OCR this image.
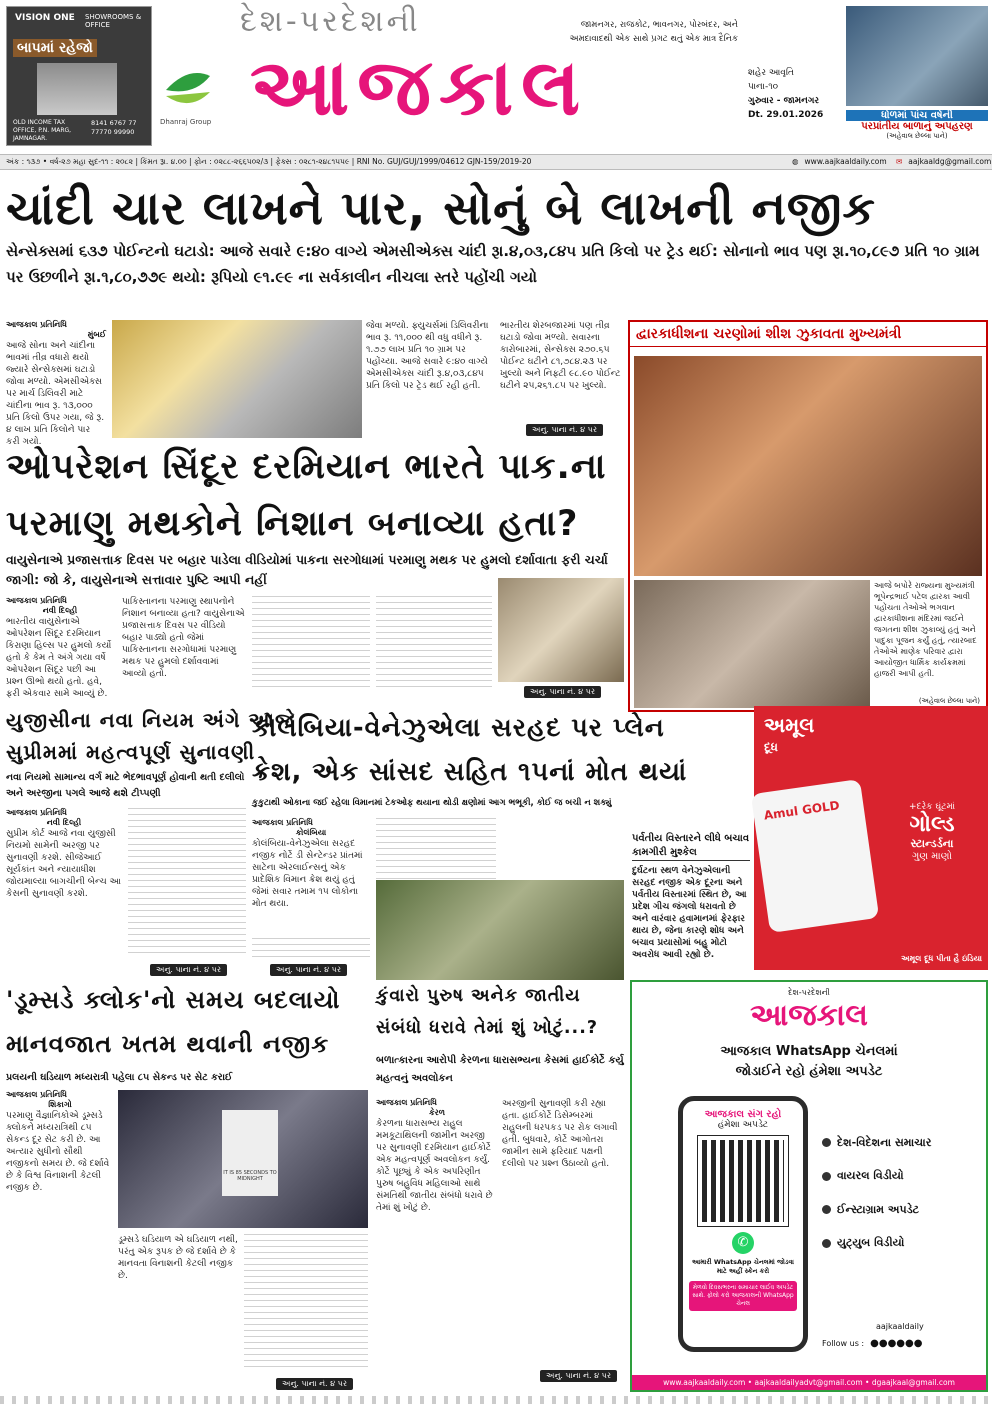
VISION ONE SHOWROOMS & OFFICE
બાપમાં રહેજો
OLD INCOME TAX OFFICE, P.N. MARG, JAMNAGAR.
8141 6767 77 77770 99990
Dhanraj Group
દેશ-પરદેશની
આજકાલ
જામનગર, રાજકોટ, ભાવનગર, પોરબંદર, અને
અમદાવાદથી એક સાથે પ્રગટ થતું એક માત્ર દૈનિક
શહેર આવૃતિ
પાના-૧૦
ગુરુવાર - જામનગર
Dt. 29.01.2026	ધોળમાં પાંચ વર્ષની
પરપ્રાંતીય બાળાનું અપહરણ
(અહેવાલ છેલ્લા પાને)
અંક : ૧૩૭ • વર્ષ-૨૭ મહા સુદ-૧૧ : ૨૦૮૨ | કિંમત રૂા. ૪.૦૦ | ફોન : ૦૨૮૮-૨૬૬૫૦૨/૩ | ફેક્સ : ૦૨૮૧-૨૪૮૧૫૫૯ | RNI No. GUJ/GUJ/1999/04612 GJN-159/2019-20	◍ www.aajkaaldaily.com ✉ aajkaaldg@gmail.com
ચાંદી ચાર લાખને પાર, સોનું બે લાખની નજીક
સેન્સેક્સમાં ૬૩૭ પોઈન્ટનો ઘટાડો: આજે સવારે ૯:૪૦ વાગ્યે એમસીએક્સ ચાંદી રૂા.૪,૦૩,૮૪૫ પ્રતિ કિલો પર ટ્રેડ થઈ: સોનાનો ભાવ પણ રૂા.૧૦,૮૯૭ પ્રતિ ૧૦ ગ્રામ પર ઉછળીને રૂા.૧,૮૦,૭૭૯ થયો: રૂપિયો ૯૧.૯૯ ના સર્વકાલીન નીચલા સ્તરે પહોંચી ગયો
આજકાલ પ્રતિનિધિ
મુંબઈ
આજે સોના અને ચાંદીના ભાવમાં તીવ્ર વધારો થયો જ્યારે સેન્સેક્સમાં ઘટાડો જોવા મળ્યો. એમસીએક્સ પર માર્ચ ડિલિવરી માટે ચાંદીના ભાવ રૂ. ૧૩,૦૦૦ પ્રતિ કિલો ઉપર ગયા, જે રૂ. ૪ લાખ પ્રતિ કિલોને પાર કરી ગયો.
જેવા મળ્યો. ફ્યુચર્સમાં ડિલિવરીના ભાવ રૂ. ૧૧,૦૦૦ થી વધુ વધીને રૂ. ૧.૭૭ લાખ પ્રતિ ૧૦ ગ્રામ પર પહોંચ્યા. આજે સવારે ૯:૪૦ વાગ્યે એમસીએક્સ ચાંદી રૂ.૪,૦૩,૮૪૫ પ્રતિ કિલો પર ટ્રેડ થઈ રહી હતી.
ભારતીય શેરબજારમાં પણ તીવ્ર ઘટાડો જોવા મળ્યો. સવારના કારોબારમાં, સેન્સેક્સ ૨૭૦.૬૫ પોઈન્ટ ઘટીને ૮૧,૭૮૪.૨૩ પર ખુલ્યો અને નિફ્ટી ૯૮.૯૦ પોઈન્ટ ઘટીને ૨૫,૨૬૧.૮૫ પર ખુલ્યો.
અનુ. પાના નં. ૪ પર
દ્વારકાધીશના ચરણોમાં શીશ ઝુકાવતા મુખ્યમંત્રી
આજે બપોરે રાજ્યના મુખ્યમંત્રી ભૂપેન્દ્રભાઈ પટેલ દ્વારકા આવી પહોંચતા તેઓએ ભગવાન દ્વારકાધીશના મંદિરમાં જઈને જગતના શીશ ઝુકાવ્યું હતું અને પાદુકા પૂજન કર્યું હતું, ત્યારબાદ તેઓએ માણેક પરિવાર દ્વારા આયોજીત ધાર્મિક કાર્યક્રમમાં હાજરી આપી હતી.
(અહેવાલ છેલ્લા પાને)
ઓપરેશન સિંદૂર દરમિયાન ભારતે પાક.ના
પરમાણુ મથકોને નિશાન બનાવ્યા હતા?
વાયુસેનાએ પ્રજાસત્તાક દિવસ પર બહાર પાડેલા વીડિયોમાં પાકના સરગોધામાં પરમાણુ મથક પર હુમલો દર્શાવાતા ફરી ચર્ચા જાગી: જો કે, વાયુસેનાએ સત્તાવાર પુષ્ટિ આપી નહીં
આજકાલ પ્રતિનિધિ
નવી દિલ્હી
ભારતીય વાયુસેનાએ ઓપરેશન સિંદૂર દરમિયાન કિરાણા હિલ્સ પર હુમલો કર્યો હતો કે કેમ તે અંગે ગયા વર્ષે ઓપરેશન સિંદૂર પછી આ પ્રશ્ન ઊભો થયો હતો. હવે, ફરી એકવાર સામે આવ્યું છે.
પાકિસ્તાનના પરમાણુ સ્થાપનોને નિશાન બનાવ્યા હતા? વાયુસેનાએ પ્રજાસત્તાક દિવસ પર વીડિયો બહાર પાડ્યો હતો જેમાં પાકિસ્તાનના સરગોધામાં પરમાણુ મથક પર હુમલો દર્શાવવામાં આવ્યો હતો.
અનુ. પાના નં. ૪ પર
યુજીસીના નવા નિયમ અંગે આજે
સુપ્રીમમાં મહત્વપૂર્ણ સુનાવણી
નવા નિયમો સામાન્ય વર્ગ માટે ભેદભાવપૂર્ણ હોવાની થતી દલીલો અને અરજીના પગલે આજે થશે ટીપ્પણી
આજકાલ પ્રતિનિધિ
નવી દિલ્હી
સુપ્રીમ કોર્ટ આજે નવા યુજીસી નિયમો સામેની અરજી પર સુનાવણી કરશે. સીજેઆઈ સૂર્યકાંત અને ન્યાયાધીશ જોયમાલ્યા બાગચીની બેન્ચ આ કેસની સુનાવણી કરશે.
અનુ. પાના નં. ૪ પર
કોલંબિયા-વેનેઝુએલા સરહદ પર પ્લેન
ક્રેશ, એક સાંસદ સહિત ૧૫નાં મોત થયાં
કુકુટાથી ઓકાના જઈ રહેલા વિમાનમાં ટેકઓફ થયાના થોડી ક્ષણોમાં આગ ભભૂકી, કોઈ જ બચી ન શક્યું
આજકાલ પ્રતિનિધિ
કોલંબિયા
કોલંબિયા-વેનેઝુએલા સરહદ નજીક નોર્ટે ડી સેન્ટેન્ડર પ્રાંતમાં સાટેના એરલાઈન્સનું એક પ્રાદેશિક વિમાન ક્રેશ થયું હતું જેમાં સવાર તમામ ૧૫ લોકોના મોત થયા.
પર્વતીય વિસ્તારને લીધે બચાવ કામગીરી મુશ્કેલ
દુર્ઘટના સ્થળ વેનેઝુએલાની સરહદ નજીક એક દૂરના અને પર્વતીય વિસ્તારમાં સ્થિત છે, આ પ્રદેશ ગીચ જંગલો ધરાવતો છે અને વારંવાર હવામાનમાં ફેરફાર થાય છે, જેના કારણે શોધ અને બચાવ પ્રયાસોમાં બહુ મોટો અવરોધ આવી રહ્યો છે.
અનુ. પાના નં. ૪ પર
અમૂલ
દૂધ
Amul GOLD	+દરેક ઘૂંટમાં
ગોલ્ડ
સ્ટાન્ડર્ડના
ગુણ માણો
અમૂલ દૂધ પીતા હૈ ઇંડિયા
'ડૂમ્સડે ક્લોક'નો સમય બદલાયો
માનવજાત ખતમ થવાની નજીક
પ્રલયની ઘડિયાળ મધ્યરાત્રી પહેલા ૮૫ સેકન્ડ પર સેટ કરાઈ
આજકાલ પ્રતિનિધિ
શિકાગો
પરમાણુ વૈજ્ઞાનિકોએ ડૂમ્સડે ક્લોકને મધ્યરાત્રિથી ૮૫ સેકન્ડ દૂર સેટ કરી છે. આ અત્યાર સુધીનો સૌથી નજીકનો સમય છે. જે દર્શાવે છે કે વિશ્વ વિનાશની કેટલી નજીક છે.
IT IS 85 SECONDS TO MIDNIGHT
ડૂમ્સડે ઘડિયાળ એ ઘડિયાળ નથી, પરંતુ એક રૂપક છે જે દર્શાવે છે કે માનવતા વિનાશની કેટલી નજીક છે.
અનુ. પાના નં. ૪ પર
કુંવારો પુરુષ અનેક જાતીય
સંબંધો ધરાવે તેમાં શું ખોટું...?
બળાત્કારના આરોપી કેરળના ધારાસભ્યના કેસમાં હાઈકોર્ટે કર્યુ મહત્વનું અવલોકન
આજકાલ પ્રતિનિધિ
કેરળ
કેરળના ધારાસભ્ય રાહુલ મમકૂટાથિલની જામીન અરજી પર સુનાવણી દરમિયાન હાઈકોર્ટે એક મહત્વપૂર્ણ અવલોકન કર્યું. કોર્ટે પૂછ્યું કે એક અપરિણીત પુરુષ બહુવિધ મહિલાઓ સાથે સંમતિથી જાતીય સંબંધો ધરાવે છે તેમાં શું ખોટું છે.
અરજીની સુનાવણી કરી રહ્યા હતા. હાઈકોર્ટે ડિસેમ્બરમાં રાહુલની ધરપકડ પર રોક લગાવી હતી. બુધવારે, કોર્ટે આગોતરા જામીન સામે ફરિયાદ પક્ષની દલીલો પર પ્રશ્ન ઉઠાવ્યો હતો.
અનુ. પાના નં. ૪ પર
દેશ-પરદેશની
આજકાલ
આજકાલ WhatsApp ચેનલમાં
જોડાઈને રહો હંમેશા અપડેટ
આજકાલ સંગ રહો
હંમેશા અપડેટ
✆
આમારી WhatsApp ચેનલમાં જોડવા માટે અહીં સ્કેન કરો
મેળવો દિવસભરના સમાચાર લાઈવ અપડેટ સાથે. ફોલો કરો આજકાલની WhatsApp ચેનલ
દેશ-વિદેશના સમાચાર

વાયરલ વિડીયો

ઈન્સ્ટાગ્રામ અપડેટ

યુટ્યુબ વિડીયો
aajkaaldaily
Follow us : ●●●●●●
www.aajkaaldaily.com • aajkaaldailyadvt@gmail.com • dgaajkaal@gmail.com
